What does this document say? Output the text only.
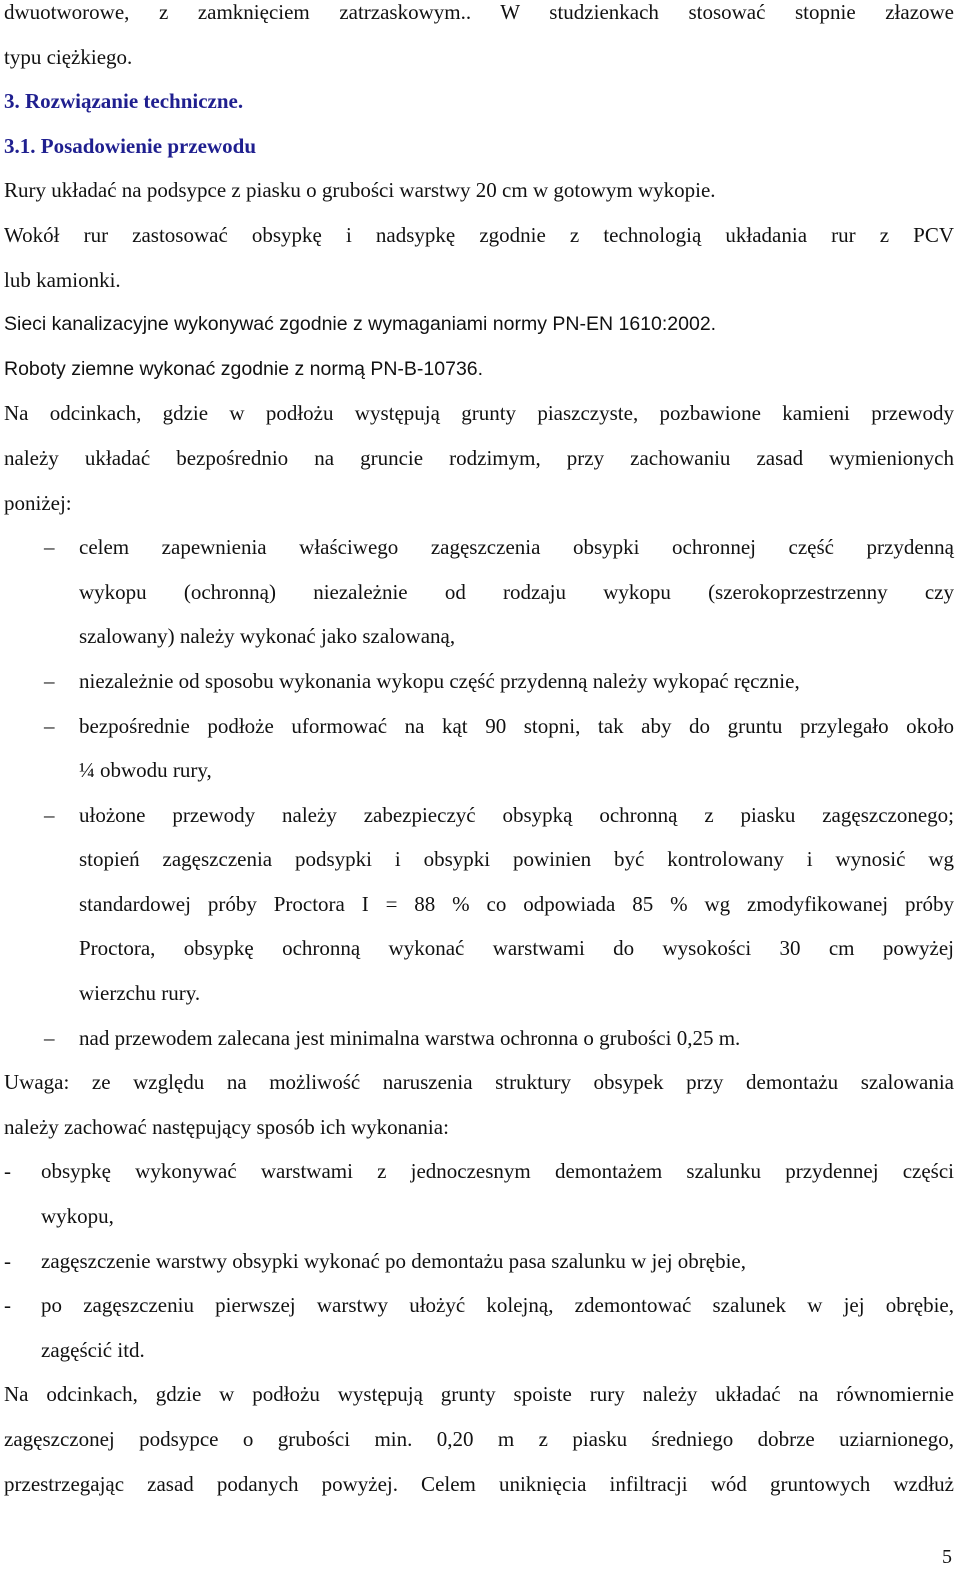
dwuotworowe, z zamknięciem zatrzaskowym.. W studzienkach stosować stopnie złazowe
typu ciężkiego.
3. Rozwiązanie techniczne.
3.1. Posadowienie przewodu
Rury układać na podsypce z piasku o grubości warstwy 20 cm w gotowym wykopie.
Wokół rur zastosować obsypkę i nadsypkę zgodnie z technologią układania rur z PCV
lub kamionki.
Sieci kanalizacyjne wykonywać zgodnie z wymaganiami normy PN-EN 1610:2002.
Roboty ziemne wykonać zgodnie z normą PN-B-10736.
Na odcinkach, gdzie w podłożu występują grunty piaszczyste, pozbawione kamieni przewody
należy układać bezpośrednio na gruncie rodzimym, przy zachowaniu zasad wymienionych
poniżej:
– celem zapewnienia właściwego zagęszczenia obsypki ochronnej część przydenną
wykopu (ochronną) niezależnie od rodzaju wykopu (szerokoprzestrzenny czy
szalowany) należy wykonać jako szalowaną,
– niezależnie od sposobu wykonania wykopu część przydenną należy wykopać ręcznie,
– bezpośrednie podłoże uformować na kąt 90 stopni, tak aby do gruntu przylegało około
¼ obwodu rury,
– ułożone przewody należy zabezpieczyć obsypką ochronną z piasku zagęszczonego;
stopień zagęszczenia podsypki i obsypki powinien być kontrolowany i wynosić wg
standardowej próby Proctora I = 88 % co odpowiada 85 % wg zmodyfikowanej próby
Proctora, obsypkę ochronną wykonać warstwami do wysokości 30 cm powyżej
wierzchu rury.
– nad przewodem zalecana jest minimalna warstwa ochronna o grubości 0,25 m.
Uwaga: ze względu na możliwość naruszenia struktury obsypek przy demontażu szalowania
należy zachować następujący sposób ich wykonania:
- obsypkę wykonywać warstwami z jednoczesnym demontażem szalunku przydennej części
wykopu,
- zagęszczenie warstwy obsypki wykonać po demontażu pasa szalunku w jej obrębie,
- po zagęszczeniu pierwszej warstwy ułożyć kolejną, zdemontować szalunek w jej obrębie,
zagęścić itd.
Na odcinkach, gdzie w podłożu występują grunty spoiste rury należy układać na równomiernie
zagęszczonej podsypce o grubości min. 0,20 m z piasku średniego dobrze uziarnionego,
przestrzegając zasad podanych powyżej. Celem uniknięcia infiltracji wód gruntowych wzdłuż
5
